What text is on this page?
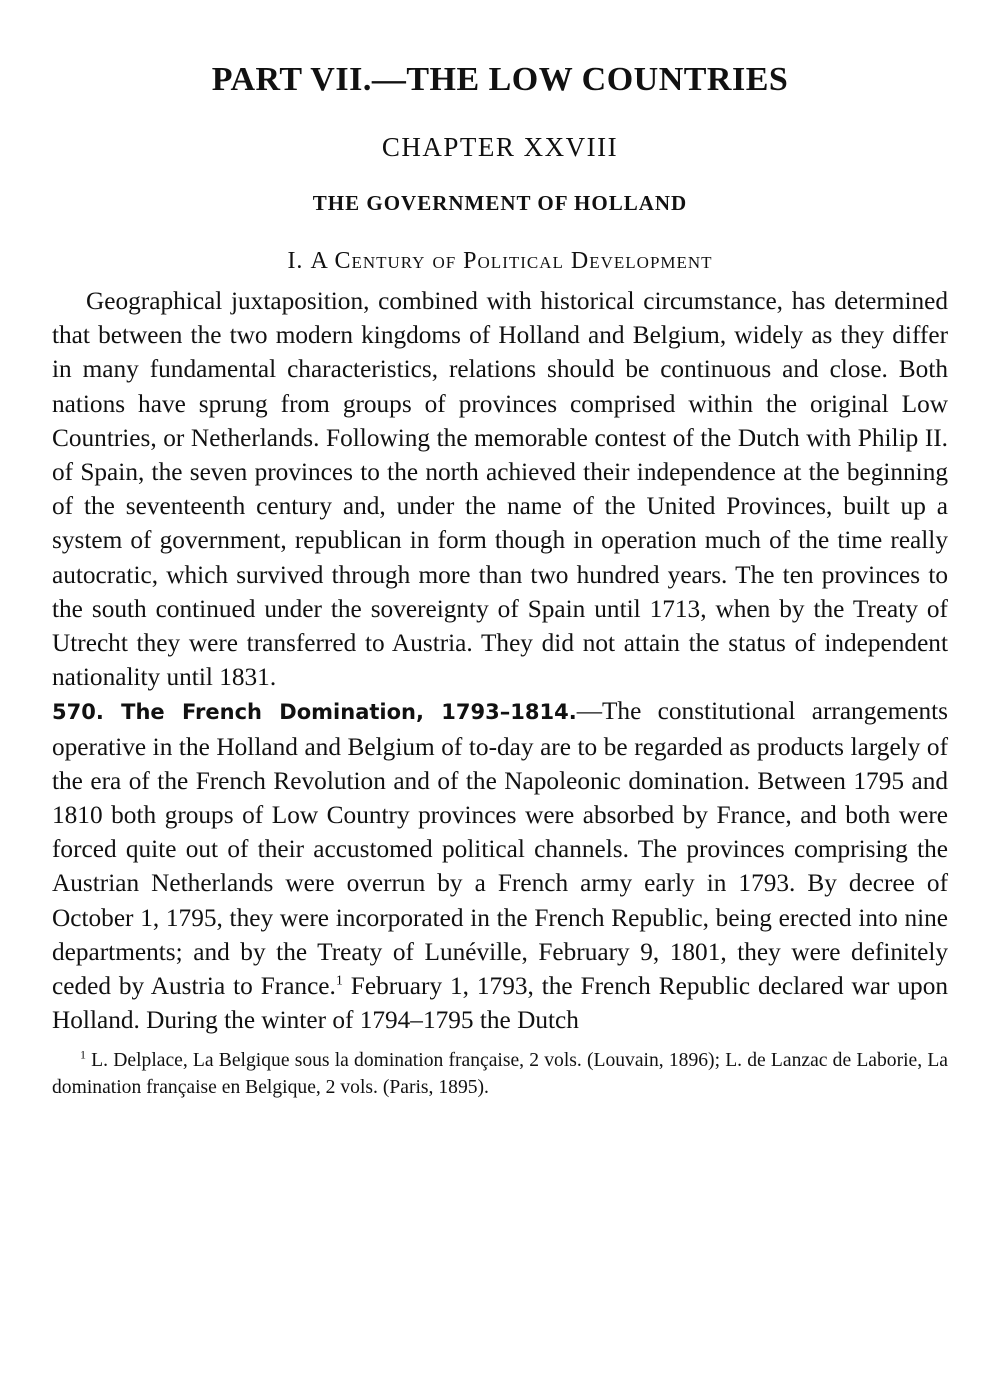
PART VII.—THE LOW COUNTRIES
CHAPTER XXVIII
THE GOVERNMENT OF HOLLAND
I. A Century of Political Development

Geographical juxtaposition, combined with historical circumstance, has determined that between the two modern kingdoms of Holland and Belgium, widely as they differ in many fundamental characteristics, relations should be continuous and close. Both nations have sprung from groups of provinces comprised within the original Low Countries, or Netherlands. Following the memorable contest of the Dutch with Philip II. of Spain, the seven provinces to the north achieved their independence at the beginning of the seventeenth century and, under the name of the United Provinces, built up a system of government, republican in form though in operation much of the time really autocratic, which survived through more than two hundred years. The ten provinces to the south continued under the sovereignty of Spain until 1713, when by the Treaty of Utrecht they were transferred to Austria. They did not attain the status of independent nationality until 1831.

570. The French Domination, 1793–1814.—The constitutional arrangements operative in the Holland and Belgium of to-day are to be regarded as products largely of the era of the French Revolution and of the Napoleonic domination. Between 1795 and 1810 both groups of Low Country provinces were absorbed by France, and both were forced quite out of their accustomed political channels. The provinces comprising the Austrian Netherlands were overrun by a French army early in 1793. By decree of October 1, 1795, they were incorporated in the French Republic, being erected into nine departments; and by the Treaty of Lunéville, February 9, 1801, they were definitely ceded by Austria to France.$^1$ February 1, 1793, the French Republic declared war upon Holland. During the winter of 1794–1795 the Dutch

$^1$ L. Delplace, La Belgique sous la domination française, 2 vols. (Louvain, 1896); L. de Lanzac de Laborie, La domination française en Belgique, 2 vols. (Paris, 1895).
